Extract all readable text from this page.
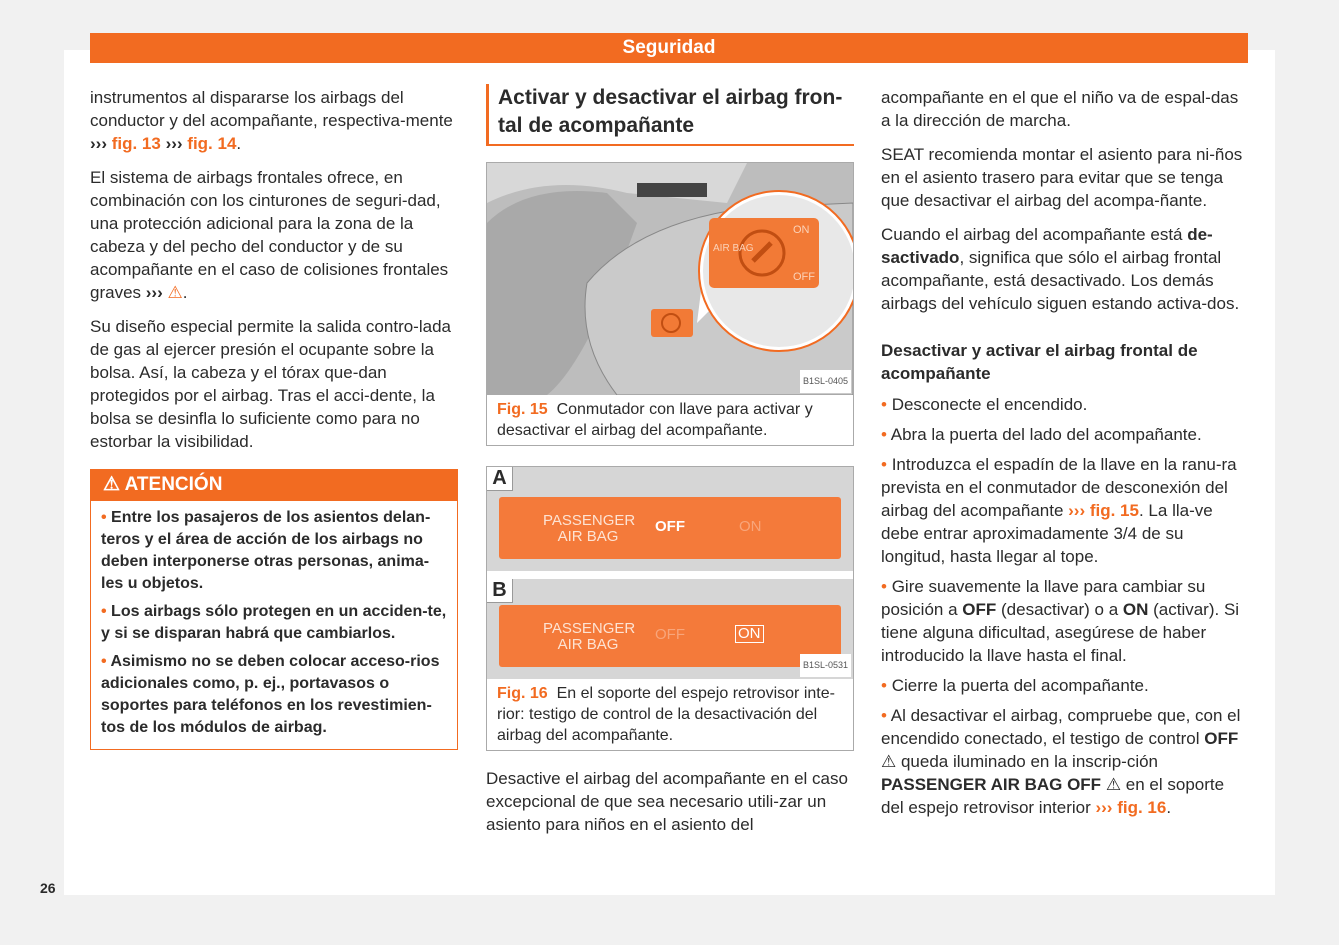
Seguridad

instrumentos al dispararse los airbags del conductor y del acompañante, respectiva-mente ››› fig. 13 ››› fig. 14.

El sistema de airbags frontales ofrece, en combinación con los cinturones de seguri-dad, una protección adicional para la zona de la cabeza y del pecho del conductor y de su acompañante en el caso de colisiones frontales graves ››› ⚠.

Su diseño especial permite la salida contro-lada de gas al ejercer presión el ocupante sobre la bolsa. Así, la cabeza y el tórax que-dan protegidos por el airbag. Tras el acci-dente, la bolsa se desinfla lo suficiente como para no estorbar la visibilidad.

⚠ ATENCIÓN
• Entre los pasajeros de los asientos delan-teros y el área de acción de los airbags no deben interponerse otras personas, anima-les u objetos.
• Los airbags sólo protegen en un acciden-te, y si se disparan habrá que cambiarlos.
• Asimismo no se deben colocar acceso-rios adicionales como, p. ej., portavasos o soportes para teléfonos en los revestimien-tos de los módulos de airbag.
Activar y desactivar el airbag fron-tal de acompañante
AIR BAG
ON
OFF
B1SL-0405
Fig. 15 Conmutador con llave para activar y desactivar el airbag del acompañante.
A
PASSENGER AIR BAG
OFF	ON
B
PASSENGER AIR BAG
OFF	ON
B1SL-0531
Fig. 16 En el soporte del espejo retrovisor inte-rior: testigo de control de la desactivación del airbag del acompañante.

Desactive el airbag del acompañante en el caso excepcional de que sea necesario utili-zar un asiento para niños en el asiento del

acompañante en el que el niño va de espal-das a la dirección de marcha.

SEAT recomienda montar el asiento para ni-ños en el asiento trasero para evitar que se tenga que desactivar el airbag del acompa-ñante.

Cuando el airbag del acompañante está de-sactivado, significa que sólo el airbag frontal acompañante, está desactivado. Los demás airbags del vehículo siguen estando activa-dos.

Desactivar y activar el airbag frontal de acompañante
• Desconecte el encendido.
• Abra la puerta del lado del acompañante.
• Introduzca el espadín de la llave en la ranu-ra prevista en el conmutador de desconexión del airbag del acompañante ››› fig. 15. La lla-ve debe entrar aproximadamente 3/4 de su longitud, hasta llegar al tope.
• Gire suavemente la llave para cambiar su posición a OFF (desactivar) o a ON (activar). Si tiene alguna dificultad, asegúrese de haber introducido la llave hasta el final.
• Cierre la puerta del acompañante.
• Al desactivar el airbag, compruebe que, con el encendido conectado, el testigo de control OFF ⚠ queda iluminado en la inscrip-ción PASSENGER AIR BAG OFF ⚠ en el soporte del espejo retrovisor interior ››› fig. 16.
26
